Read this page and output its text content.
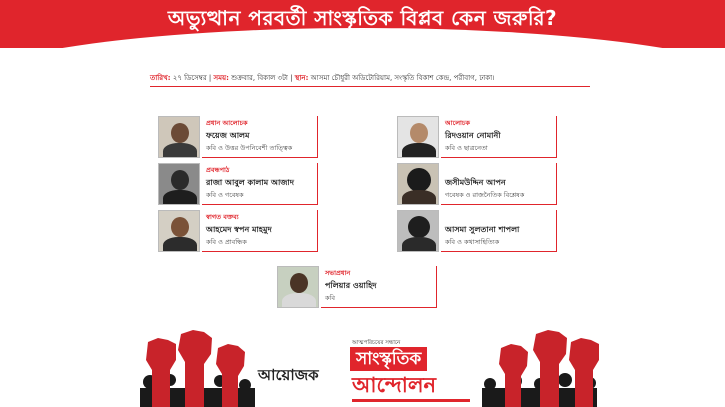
অভ্যুত্থান পরবর্তী সাংস্কৃতিক বিপ্লব কেন জরুরি?
তারিখ: ২৭ ডিসেম্বর | সময়: শুক্রবার, বিকাল ৩টা | স্থান: আসমা চৌধুরী অডিটোরিয়াম, সংস্কৃতি বিকাশ কেন্দ্র, পরীবাগ, ঢাকা।
প্রধান আলোচক
ফয়েজ আলম
কবি ও উত্তর উপনিবেশী তাত্ত্বিক
প্রবন্ধপাঠ
রাজা আবুল কালাম আজাদ
কবি ও গবেষক
স্বাগত বক্তব্য
আহমেদ স্বপন মাহমুদ
কবি ও প্রাবন্ধিক
আলোচক
রিদওয়ান নোমানী
কবি ও ছাত্রনেতা
জসীমউদ্দিন আপন
গবেষক ও রাজনৈতিক বিশ্লেষক
আসমা সুলতানা শাপলা
কবি ও কথাসাহিত্যিক
সভাপ্রধান
পলিয়ার ওয়াহিদ
কবি
আয়োজক
আত্মপরিচয়ের সন্ধানে
সাংস্কৃতিক
আন্দোলন
